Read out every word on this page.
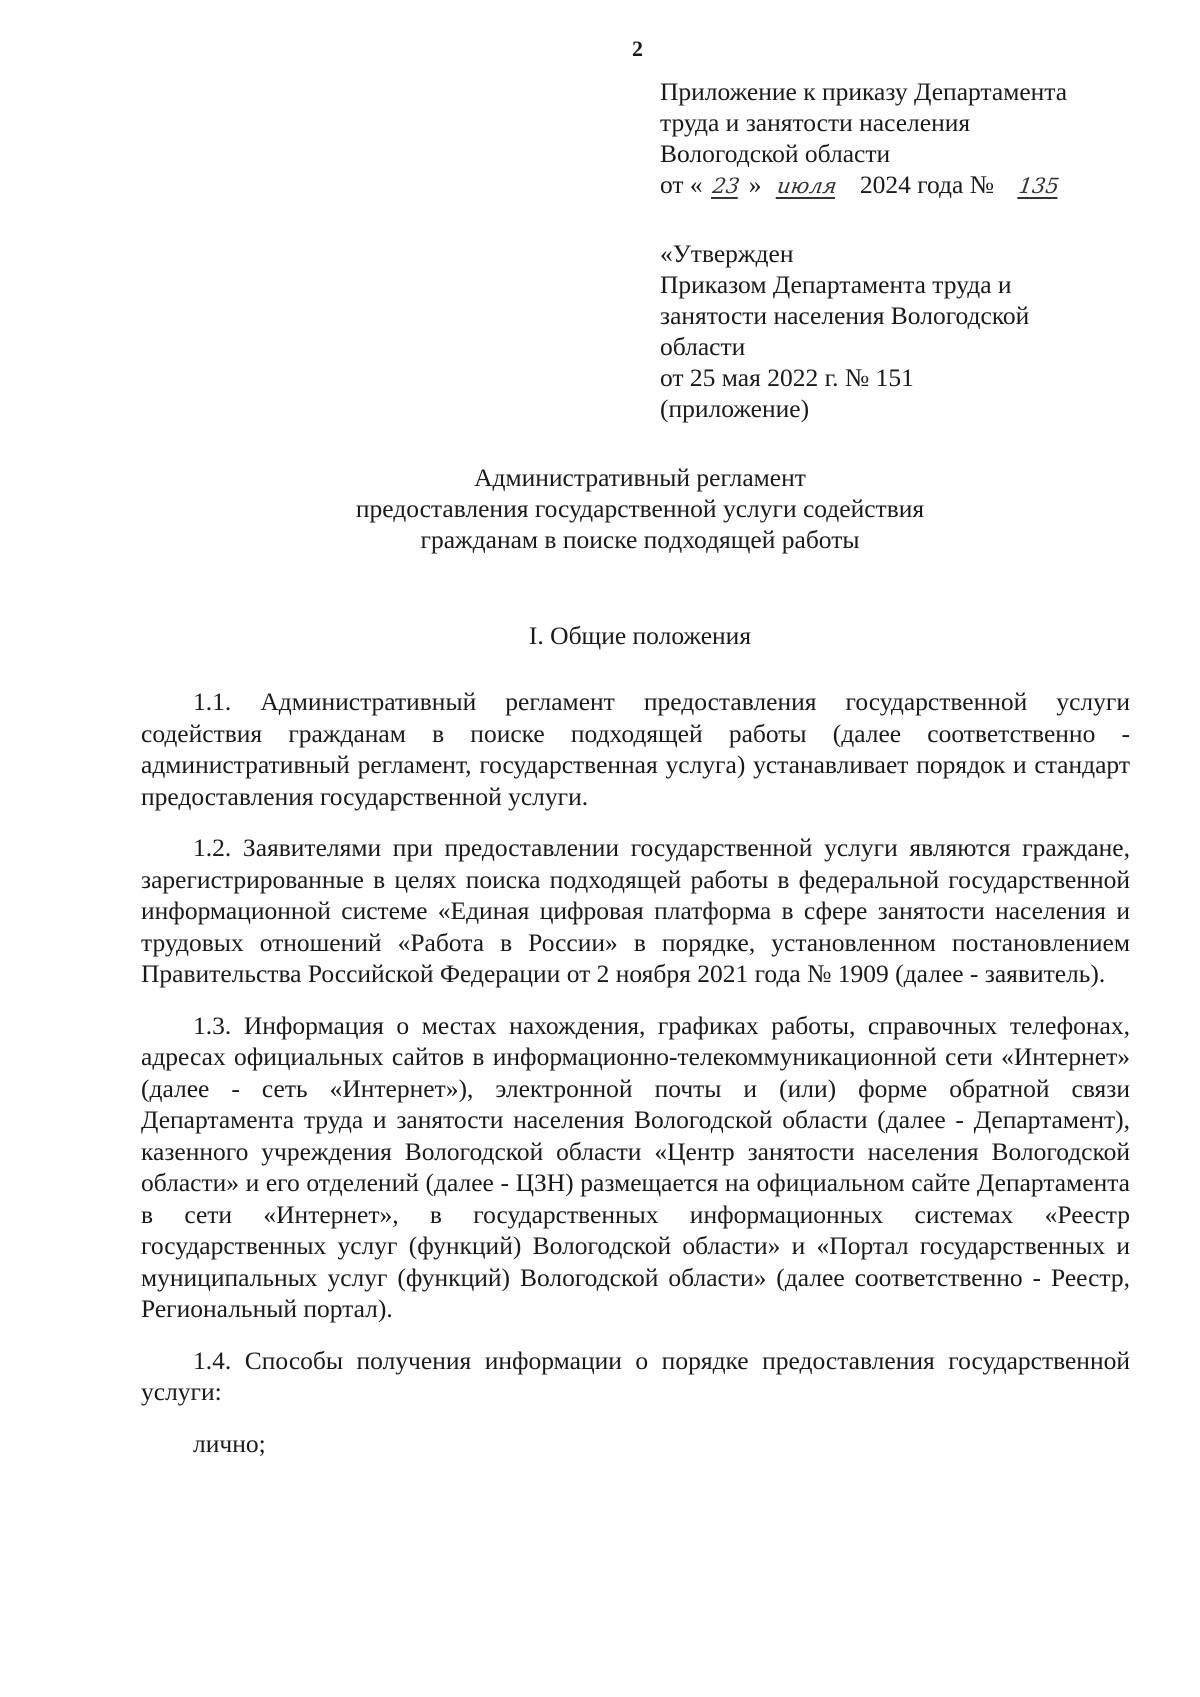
2
Приложение к приказу Департамента
труда и занятости населения
Вологодской области
от « 23 » июля 2024 года № 135
«Утвержден
Приказом Департамента труда и
занятости населения Вологодской
области
от 25 мая 2022 г. № 151
(приложение)
Административный регламент
предоставления государственной услуги содействия
гражданам в поиске подходящей работы
I. Общие положения

1.1. Административный регламент предоставления государственной услуги содействия гражданам в поиске подходящей работы (далее соответственно - административный регламент, государственная услуга) устанавливает порядок и стандарт предоставления государственной услуги.

1.2. Заявителями при предоставлении государственной услуги являются граждане, зарегистрированные в целях поиска подходящей работы в федеральной государственной информационной системе «Единая цифровая платформа в сфере занятости населения и трудовых отношений «Работа в России» в порядке, установленном постановлением Правительства Российской Федерации от 2 ноября 2021 года № 1909 (далее - заявитель).

1.3. Информация о местах нахождения, графиках работы, справочных телефонах, адресах официальных сайтов в информационно-телекоммуникационной сети «Интернет» (далее - сеть «Интернет»), электронной почты и (или) форме обратной связи Департамента труда и занятости населения Вологодской области (далее - Департамент), казенного учреждения Вологодской области «Центр занятости населения Вологодской области» и его отделений (далее - ЦЗН) размещается на официальном сайте Департамента в сети «Интернет», в государственных информационных системах «Реестр государственных услуг (функций) Вологодской области» и «Портал государственных и муниципальных услуг (функций) Вологодской области» (далее соответственно - Реестр, Региональный портал).

1.4. Способы получения информации о порядке предоставления государственной услуги:

лично;
